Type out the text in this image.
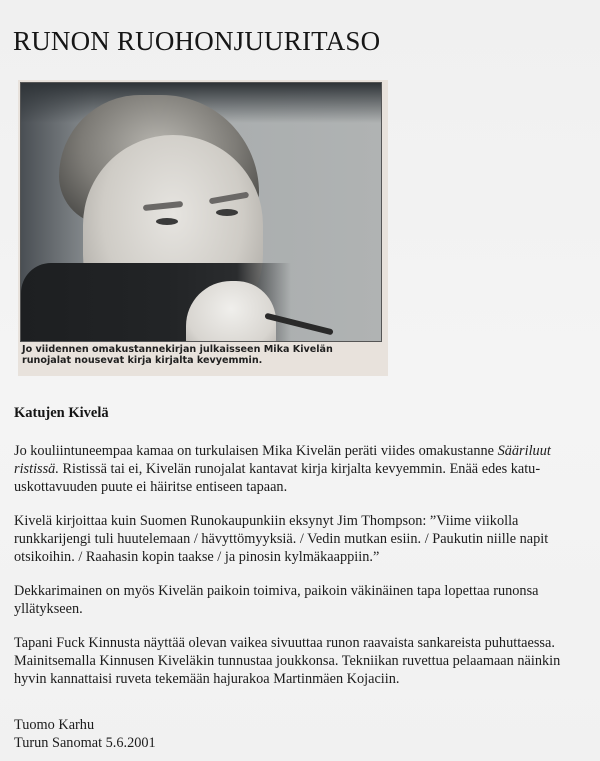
RUNON RUOHONJUURITASO

Jo viidennen omakustannekirjan julkaisseen Mika Kivelän runojalat nousevat kirja kirjalta kevyemmin.

Katujen Kivelä

Jo kouliintuneempaa kamaa on turkulaisen Mika Kivelän peräti viides omakustanne Sääriluut ristissä. Ristissä tai ei, Kivelän runojalat kantavat kirja kirjalta kevyemmin. Enää edes katu-uskottavuuden puute ei häiritse entiseen tapaan.

Kivelä kirjoittaa kuin Suomen Runokaupunkiin eksynyt Jim Thompson: ”Viime viikolla runkkarijengi tuli huutelemaan / hävyttömyyksiä. / Vedin mutkan esiin. / Paukutin niille napit otsikoihin. / Raahasin kopin taakse / ja pinosin kylmäkaappiin.”

Dekkarimainen on myös Kivelän paikoin toimiva, paikoin väkinäinen tapa lopettaa runonsa yllätykseen.

Tapani Fuck Kinnusta näyttää olevan vaikea sivuuttaa runon raavaista sankareista puhuttaessa. Mainitsemalla Kinnusen Kiveläkin tunnustaa joukkonsa. Tekniikan ruvettua pelaamaan näinkin hyvin kannattaisi ruveta tekemään hajurakoa Martinmäen Kojaciin.

Tuomo Karhu
Turun Sanomat 5.6.2001
